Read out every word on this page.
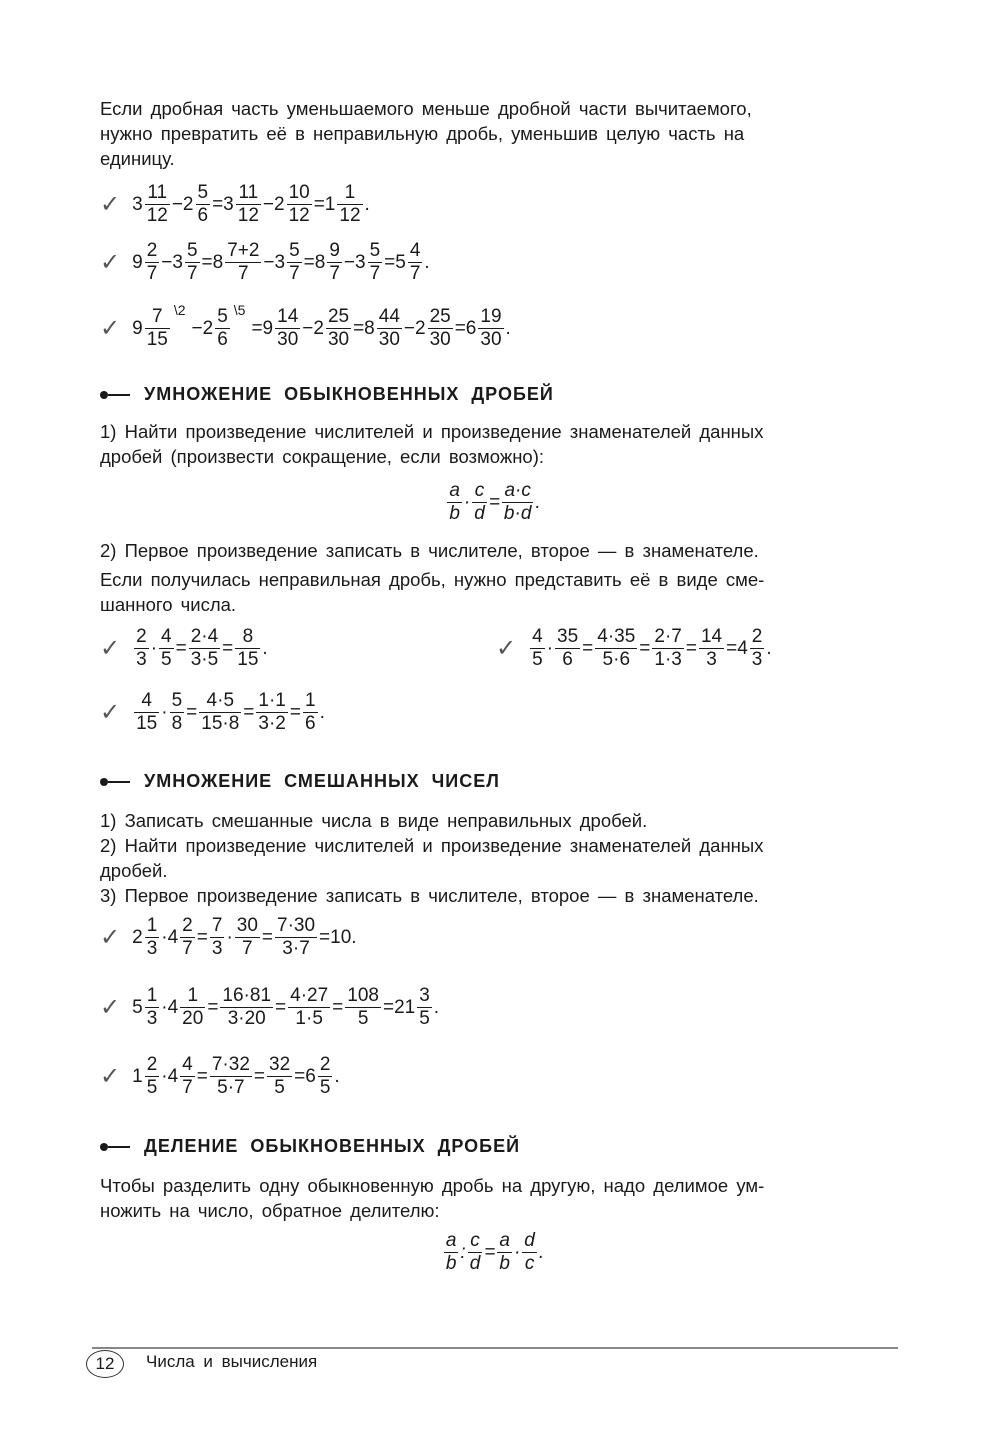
Если дробная часть уменьшаемого меньше дробной части вычитаемого,
нужно превратить её в неправильную дробь, уменьшив целую часть на
единицу.
✓ $3 \frac{11}{12} -2 \frac{5}{6} =3 \frac{11}{12} -2 \frac{10}{12} =1 \frac{1}{12}$ .
✓ $9 \frac{2}{7} -3 \frac{5}{7} =8 \frac{7+2}{7} -3 \frac{5}{7} =8 \frac{9}{7} -3 \frac{5}{7} =5 \frac{4}{7}$ .
✓ $9 \frac{7}{15}$ \2
$-2 \frac{5}{6}$ \5
$=9 \frac{14}{30} -2 \frac{25}{30} =8 \frac{44}{30} -2 \frac{25}{30} =6 \frac{19}{30}$ .
УМНОЖЕНИЕ ОБЫКНОВЕННЫХ ДРОБЕЙ
1) Найти произведение числителей и произведение знаменателей данных
дробей (произвести сокращение, если возможно):
$\frac{a}{b} \cdot \frac{c}{d} = \frac{a\cdot c}{b\cdot d}$ .
2) Первое произведение записать в числителе, второе — в знаменателе.
Если получилась неправильная дробь, нужно представить её в виде сме-
шанного числа.
✓ $\frac{2}{3} \cdot \frac{4}{5} = \frac{2\cdot 4}{3\cdot 5} = \frac{8}{15}$ .	✓ $\frac{4}{5} \cdot \frac{35}{6} = \frac{4\cdot 35}{5\cdot 6} = \frac{2\cdot 7}{1\cdot 3} = \frac{14}{3} =4 \frac{2}{3}$ .
✓ $\frac{4}{15} \cdot \frac{5}{8} = \frac{4\cdot 5}{15\cdot 8} = \frac{1\cdot 1}{3\cdot 2} = \frac{1}{6}$ .
УМНОЖЕНИЕ СМЕШАННЫХ ЧИСЕЛ
1) Записать смешанные числа в виде неправильных дробей.
2) Найти произведение числителей и произведение знаменателей данных
дробей.
3) Первое произведение записать в числителе, второе — в знаменателе.
✓ $2 \frac{1}{3} \cdot 4 \frac{2}{7} = \frac{7}{3} \cdot \frac{30}{7} = \frac{7\cdot 30}{3\cdot 7} =10$.
✓ $5 \frac{1}{3} \cdot 4 \frac{1}{20} = \frac{16\cdot 81}{3\cdot 20} = \frac{4\cdot 27}{1\cdot 5} = \frac{108}{5} =21 \frac{3}{5}$ .
✓ $1 \frac{2}{5} \cdot 4 \frac{4}{7} = \frac{7\cdot 32}{5\cdot 7} = \frac{32}{5} =6 \frac{2}{5}$ .
ДЕЛЕНИЕ ОБЫКНОВЕННЫХ ДРОБЕЙ
Чтобы разделить одну обыкновенную дробь на другую, надо делимое ум-
ножить на число, обратное делителю:
$\frac{a}{b}$ : $\frac{c}{d} = \frac{a}{b} \cdot \frac{d}{c}$ .
12	Числа и вычисления
